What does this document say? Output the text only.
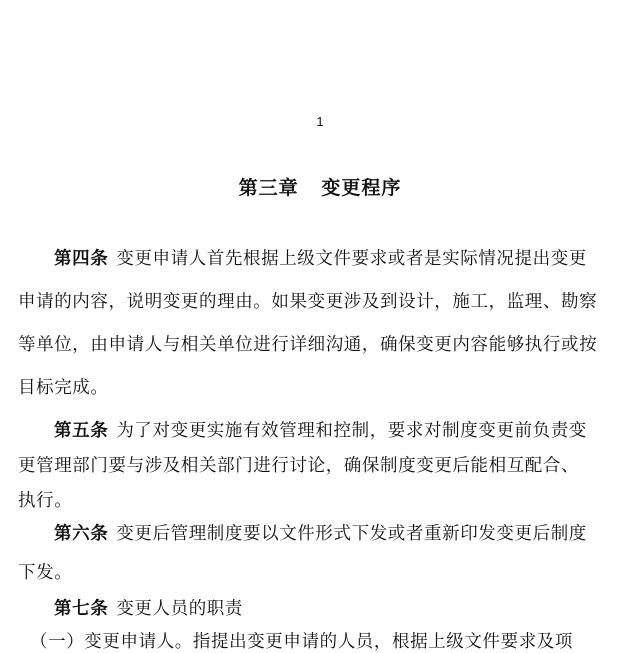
1
第三章   变更程序
第四条 变更申请人首先根据上级文件要求或者是实际情况提出变更
申请的内容，说明变更的理由。如果变更涉及到设计，施工，监理、勘察
等单位，由申请人与相关单位进行详细沟通，确保变更内容能够执行或按
目标完成。
第五条 为了对变更实施有效管理和控制，要求对制度变更前负责变
更管理部门要与涉及相关部门进行讨论，确保制度变更后能相互配合、
执行。
第六条 变更后管理制度要以文件形式下发或者重新印发变更后制度
下发。
第七条 变更人员的职责
（一）变更申请人。指提出变更申请的人员，根据上级文件要求及项
